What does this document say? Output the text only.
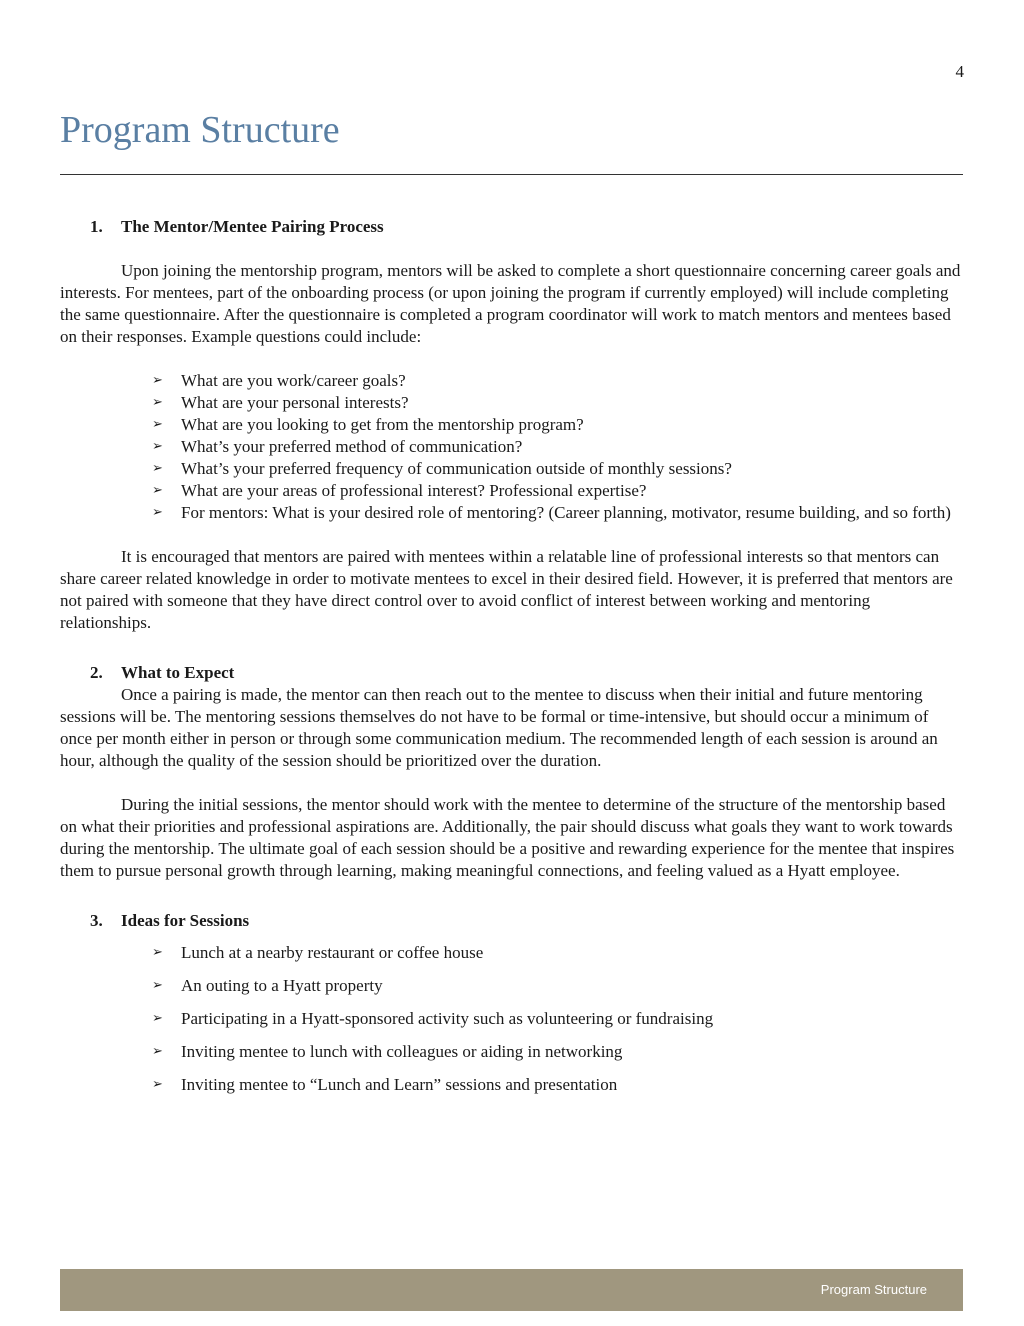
4
Program Structure
1.	The Mentor/Mentee Pairing Process

Upon joining the mentorship program, mentors will be asked to complete a short questionnaire concerning career goals and interests. For mentees, part of the onboarding process (or upon joining the program if currently employed) will include completing the same questionnaire. After the questionnaire is completed a program coordinator will work to match mentors and mentees based on their responses. Example questions could include:

➢	What are you work/career goals?
➢	What are your personal interests?
➢	What are you looking to get from the mentorship program?
➢	What’s your preferred method of communication?
➢	What’s your preferred frequency of communication outside of monthly sessions?
➢	What are your areas of professional interest? Professional expertise?
➢	For mentors: What is your desired role of mentoring? (Career planning, motivator, resume building, and so forth)

It is encouraged that mentors are paired with mentees within a relatable line of professional interests so that mentors can share career related knowledge in order to motivate mentees to excel in their desired field. However, it is preferred that mentors are not paired with someone that they have direct control over to avoid conflict of interest between working and mentoring relationships.

2.	What to Expect

Once a pairing is made, the mentor can then reach out to the mentee to discuss when their initial and future mentoring sessions will be. The mentoring sessions themselves do not have to be formal or time-intensive, but should occur a minimum of once per month either in person or through some communication medium. The recommended length of each session is around an hour, although the quality of the session should be prioritized over the duration.

During the initial sessions, the mentor should work with the mentee to determine of the structure of the mentorship based on what their priorities and professional aspirations are. Additionally, the pair should discuss what goals they want to work towards during the mentorship. The ultimate goal of each session should be a positive and rewarding experience for the mentee that inspires them to pursue personal growth through learning, making meaningful connections, and feeling valued as a Hyatt employee.

3.	Ideas for Sessions
➢	Lunch at a nearby restaurant or coffee house
➢	An outing to a Hyatt property
➢	Participating in a Hyatt-sponsored activity such as volunteering or fundraising
➢	Inviting mentee to lunch with colleagues or aiding in networking
➢	Inviting mentee to “Lunch and Learn” sessions and presentation
Program Structure
